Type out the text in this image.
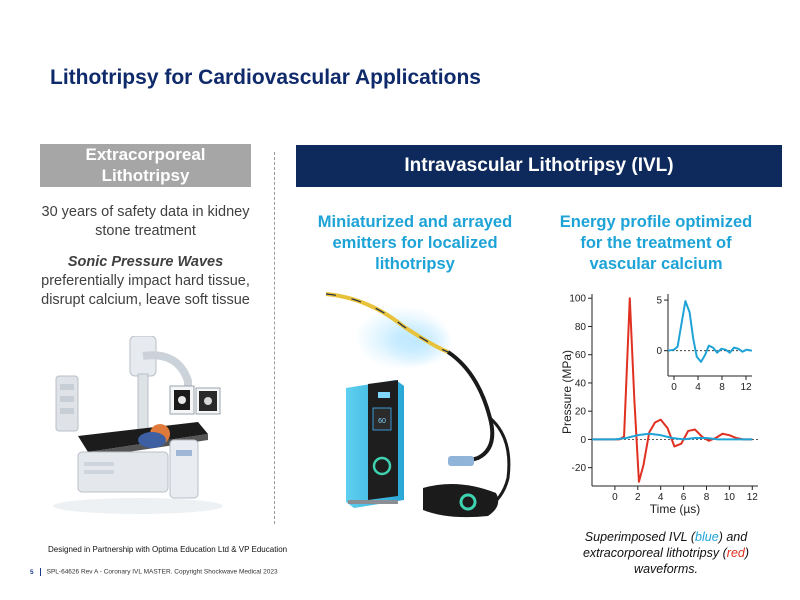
Lithotripsy for Cardiovascular Applications
Extracorporeal Lithotripsy
30 years of safety data in kidney stone treatment
Sonic Pressure Waves
preferentially impact hard tissue, disrupt calcium, leave soft tissue
Intravascular Lithotripsy (IVL)
Miniaturized and arrayed emitters for localized lithotripsy
Energy profile optimized for the treatment of vascular calcium
60
-20
0
20
40
60
80
100
0 2 4 6 8 10 12
0
5
0 4 8 12
Time (µs)
Pressure (MPa)
Superimposed IVL (blue) and extracorporeal lithotripsy (red) waveforms.
Designed in Partnership with Optima Education Ltd & VP Education
5 SPL-64626 Rev A - Coronary IVL MASTER. Copyright Shockwave Medical 2023
